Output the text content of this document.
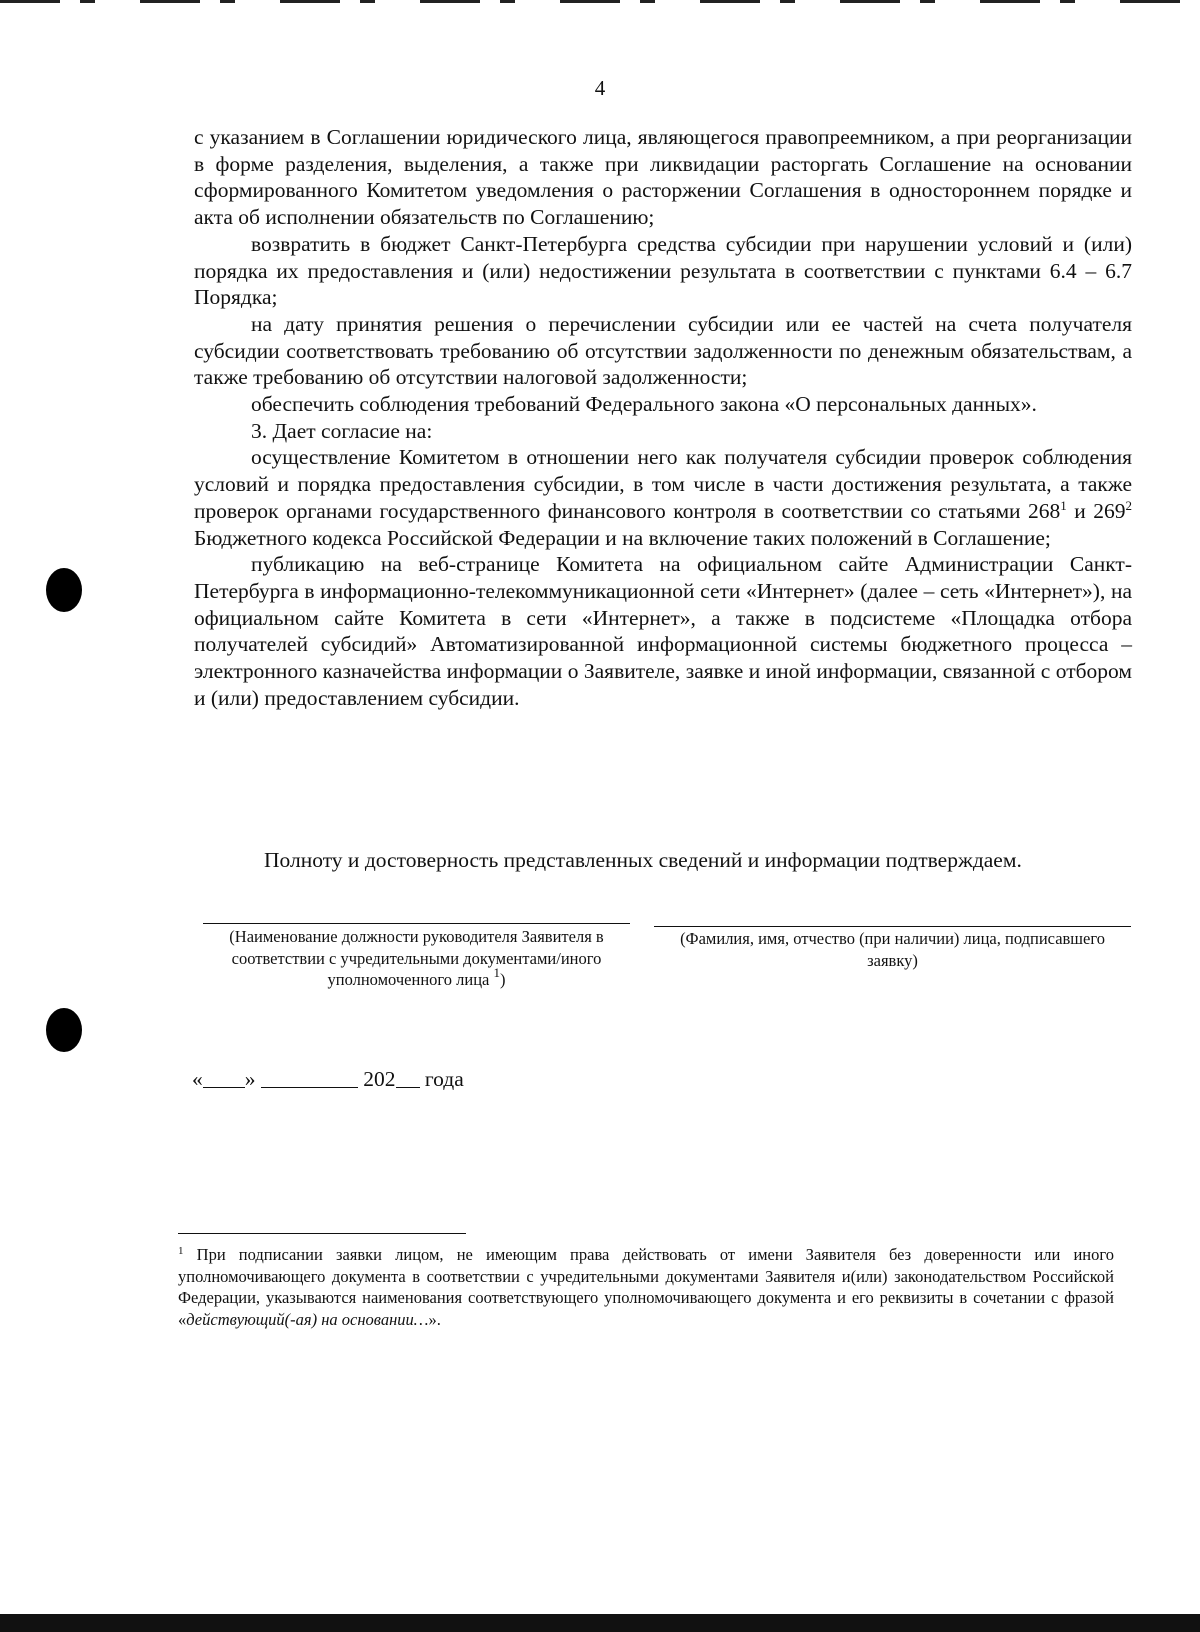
4

с указанием в Соглашении юридического лица, являющегося правопреемником, а при реорганизации в форме разделения, выделения, а также при ликвидации расторгать Соглашение на основании сформированного Комитетом уведомления о расторжении Соглашения в одностороннем порядке и акта об исполнении обязательств по Соглашению;

возвратить в бюджет Санкт-Петербурга средства субсидии при нарушении условий и (или) порядка их предоставления и (или) недостижении результата в соответствии с пунктами 6.4 – 6.7 Порядка;

на дату принятия решения о перечислении субсидии или ее частей на счета получателя субсидии соответствовать требованию об отсутствии задолженности по денежным обязательствам, а также требованию об отсутствии налоговой задолженности;

обеспечить соблюдения требований Федерального закона «О персональных данных».

3. Дает согласие на:

осуществление Комитетом в отношении него как получателя субсидии проверок соблюдения условий и порядка предоставления субсидии, в том числе в части достижения результата, а также проверок органами государственного финансового контроля в соответствии со статьями $268^1$ и $269^2$ Бюджетного кодекса Российской Федерации и на включение таких положений в Соглашение;

публикацию на веб-странице Комитета на официальном сайте Администрации Санкт-Петербурга в информационно-телекоммуникационной сети «Интернет» (далее – сеть «Интернет»), на официальном сайте Комитета в сети «Интернет», а также в подсистеме «Площадка отбора получателей субсидий» Автоматизированной информационной системы бюджетного процесса – электронного казначейства информации о Заявителе, заявке и иной информации, связанной с отбором и (или) предоставлением субсидии.

Полноту и достоверность представленных сведений и информации подтверждаем.
(Наименование должности руководителя Заявителя в соответствии с учредительными документами/иного уполномоченного лица $^1$)
(Фамилия, имя, отчество (при наличии) лица, подписавшего заявку)
« »	202 года
$^1$ При подписании заявки лицом, не имеющим права действовать от имени Заявителя без доверенности или иного уполномочивающего документа в соответствии с учредительными документами Заявителя и(или) законодательством Российской Федерации, указываются наименования соответствующего уполномочивающего документа и его реквизиты в сочетании с фразой «действующий(-ая) на основании…».
